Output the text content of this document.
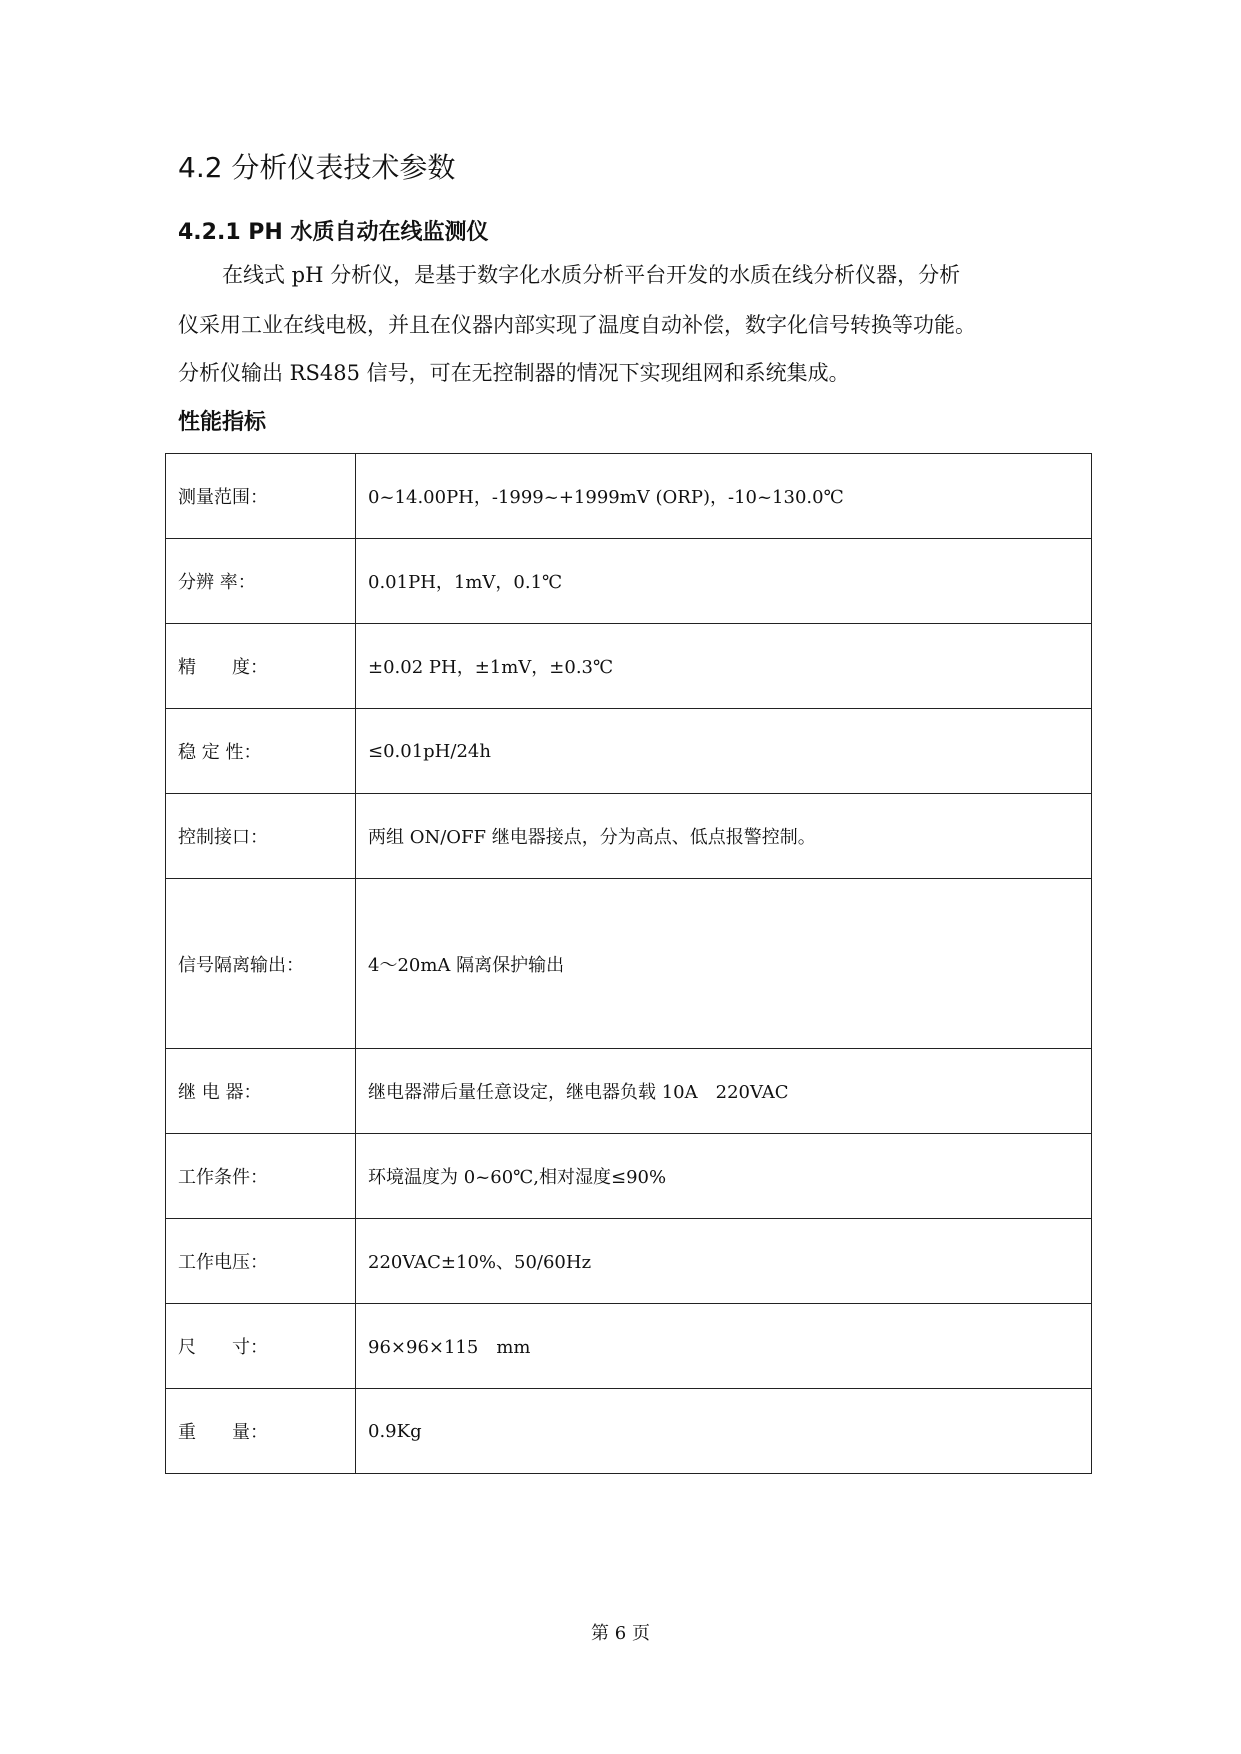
4.2 分析仪表技术参数
4.2.1 PH 水质自动在线监测仪
在线式 pH 分析仪，是基于数字化水质分析平台开发的水质在线分析仪器，分析
仪采用工业在线电极，并且在仪器内部实现了温度自动补偿，数字化信号转换等功能。
分析仪输出 RS485 信号，可在无控制器的情况下实现组网和系统集成。
性能指标
测量范围：	0~14.00PH，-1999~+1999mV (ORP)，-10~130.0℃
分辨 率：	0.01PH，1mV，0.1℃
精　　度：	±0.02 PH，±1mV，±0.3℃
稳 定 性：	≤0.01pH/24h
控制接口：	两组 ON/OFF 继电器接点，分为高点、低点报警控制。
信号隔离输出：	4～20mA 隔离保护输出
继 电 器：	继电器滞后量任意设定，继电器负载 10A　220VAC
工作条件：	环境温度为 0~60℃,相对湿度≤90%
工作电压：	220VAC±10%、50/60Hz
尺　　寸：	96×96×115　mm
重　　量：	0.9Kg
第 6 页
